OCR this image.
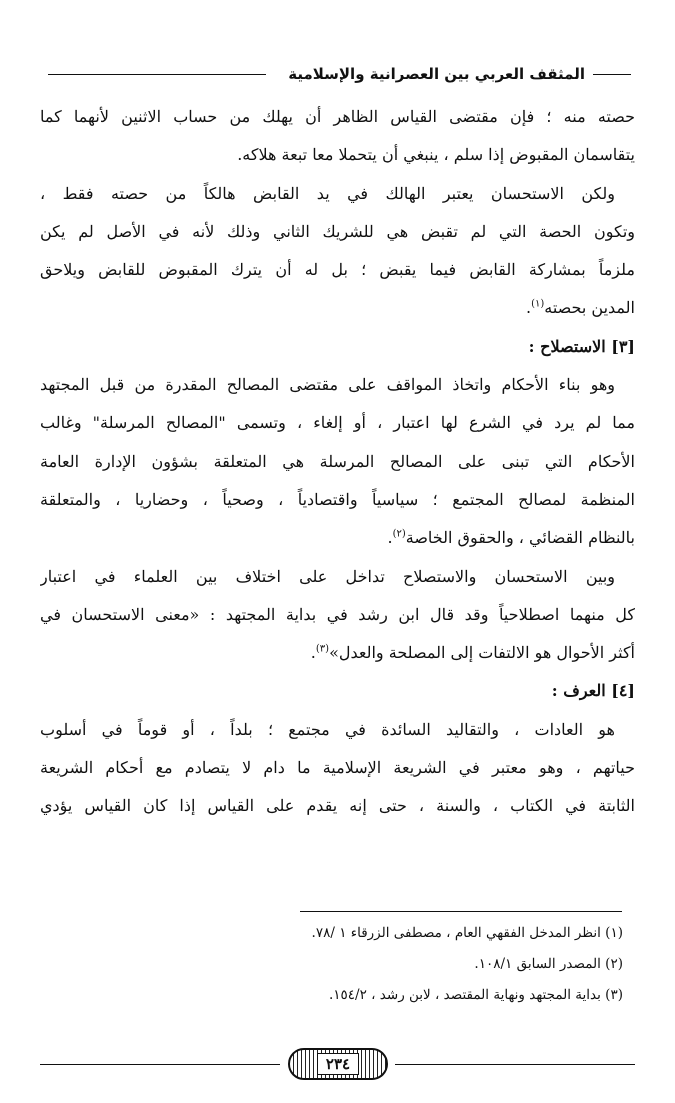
المثقف العربي بين العصرانية والإسلامية
حصته منه ؛ فإن مقتضى القياس الظاهر أن يهلك من حساب الاثنين لأنهما كما
يتقاسمان المقبوض إذا سلم ، ينبغي أن يتحملا معا تبعة هلاكه.
ولكن الاستحسان يعتبر الهالك في يد القابض هالكاً من حصته فقط ،
وتكون الحصة التي لم تقبض هي للشريك الثاني وذلك لأنه في الأصل لم يكن
ملزماً بمشاركة القابض فيما يقبض ؛ بل له أن يترك المقبوض للقابض ويلاحق
المدين بحصته$^{(١)}$.
[٣] الاستصلاح :
وهو بناء الأحكام واتخاذ المواقف على مقتضى المصالح المقدرة من قبل المجتهد
مما لم يرد في الشرع لها اعتبار ، أو إلغاء ، وتسمى "المصالح المرسلة" وغالب
الأحكام التي تبنى على المصالح المرسلة هي المتعلقة بشؤون الإدارة العامة
المنظمة لمصالح المجتمع ؛ سياسياً واقتصادياً ، وصحياً ، وحضاريا ، والمتعلقة
بالنظام القضائي ، والحقوق الخاصة$^{(٢)}$.
وبين الاستحسان والاستصلاح تداخل على اختلاف بين العلماء في اعتبار
كل منهما اصطلاحياً وقد قال ابن رشد في بداية المجتهد : «معنى الاستحسان في
أكثر الأحوال هو الالتفات إلى المصلحة والعدل»$^{(٣)}$.
[٤] العرف :
هو العادات ، والتقاليد السائدة في مجتمع ؛ بلداً ، أو قوماً في أسلوب
حياتهم ، وهو معتبر في الشريعة الإسلامية ما دام لا يتصادم مع أحكام الشريعة
الثابتة في الكتاب ، والسنة ، حتى إنه يقدم على القياس إذا كان القياس يؤدي
(١) انظر المدخل الفقهي العام ، مصطفى الزرقاء ١ /٧٨.
(٢) المصدر السابق ١٠٨/١.
(٣) بداية المجتهد ونهاية المقتصد ، لابن رشد ، ١٥٤/٢.
٢٣٤
